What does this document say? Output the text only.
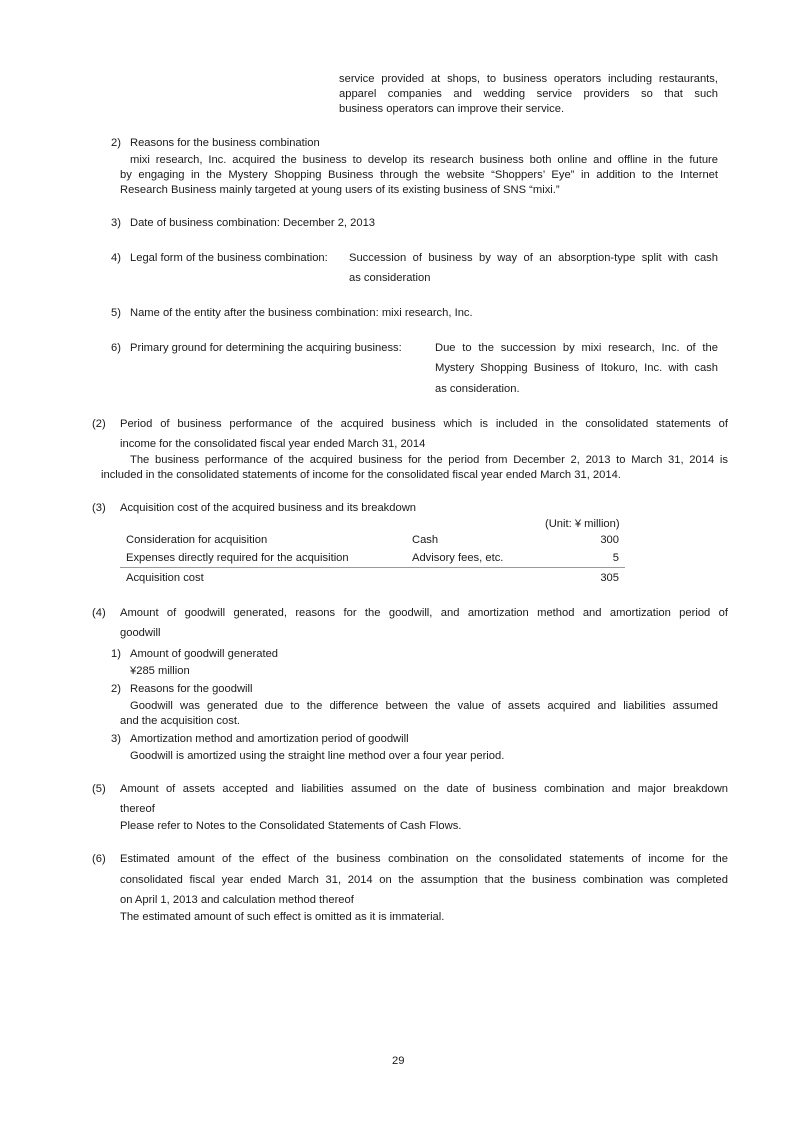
service provided at shops, to business operators including restaurants,
apparel companies and wedding service providers so that such
business operators can improve their service.
2) Reasons for the business combination
mixi research, Inc. acquired the business to develop its research business both online and offline in the future
by engaging in the Mystery Shopping Business through the website “Shoppers’ Eye” in addition to the Internet
Research Business mainly targeted at young users of its existing business of SNS “mixi.”
3) Date of business combination: December 2, 2013
4) Legal form of the business combination: Succession of business by way of an absorption-type split with cash
as consideration
5) Name of the entity after the business combination: mixi research, Inc.
6) Primary ground for determining the acquiring business:	Due to the succession by mixi research, Inc. of the
Mystery Shopping Business of Itokuro, Inc. with cash
as consideration.
(2) Period of business performance of the acquired business which is included in the consolidated statements of
income for the consolidated fiscal year ended March 31, 2014
The business performance of the acquired business for the period from December 2, 2013 to March 31, 2014 is
included in the consolidated statements of income for the consolidated fiscal year ended March 31, 2014.
(3) Acquisition cost of the acquired business and its breakdown
(Unit: ¥ million)
Consideration for acquisition	Cash	300
Expenses directly required for the acquisition	Advisory fees, etc.	5
Acquisition cost		305
(4) Amount of goodwill generated, reasons for the goodwill, and amortization method and amortization period of
goodwill
1) Amount of goodwill generated
¥285 million
2) Reasons for the goodwill
Goodwill was generated due to the difference between the value of assets acquired and liabilities assumed
and the acquisition cost.
3) Amortization method and amortization period of goodwill
Goodwill is amortized using the straight line method over a four year period.
(5) Amount of assets accepted and liabilities assumed on the date of business combination and major breakdown
thereof
Please refer to Notes to the Consolidated Statements of Cash Flows.
(6) Estimated amount of the effect of the business combination on the consolidated statements of income for the
consolidated fiscal year ended March 31, 2014 on the assumption that the business combination was completed
on April 1, 2013 and calculation method thereof
The estimated amount of such effect is omitted as it is immaterial.
29
